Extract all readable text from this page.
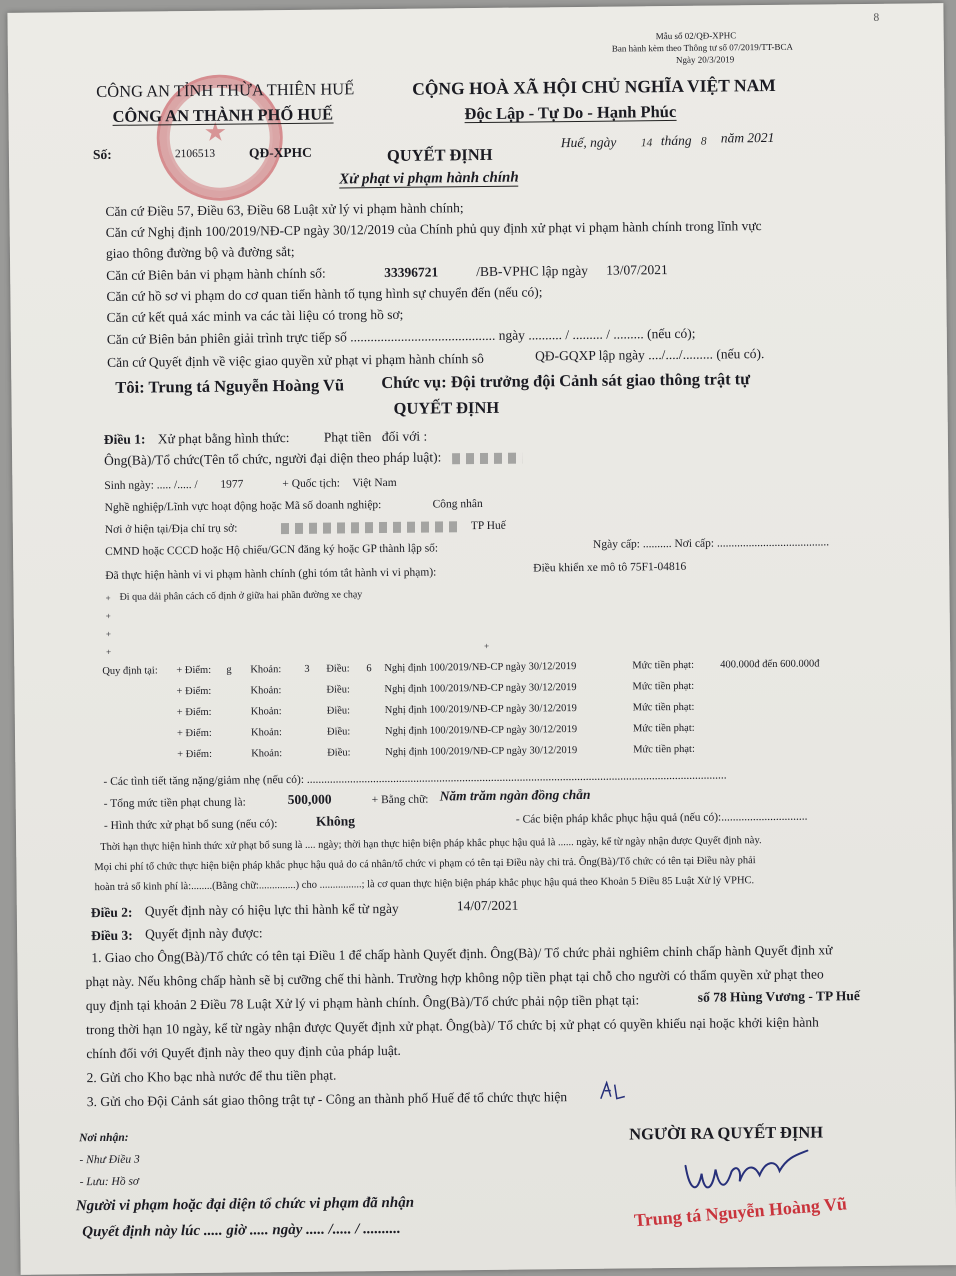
8
Mẫu số 02/QĐ-XPHC
Ban hành kèm theo Thông tư số 07/2019/TT-BCA
Ngày 20/3/2019
★
CÔNG AN TỈNH THỪA THIÊN HUẾ
CÔNG AN THÀNH PHỐ HUẾ
Số:	2106513 QĐ-XPHC
CỘNG HOÀ XÃ HỘI CHỦ NGHĨA VIỆT NAM
Độc Lập - Tự Do - Hạnh Phúc
Huế, ngày 14 tháng 8 năm 2021
QUYẾT ĐỊNH
Xử phạt vi phạm hành chính
Căn cứ Điều 57, Điều 63, Điều 68 Luật xử lý vi phạm hành chính;
Căn cứ Nghị định 100/2019/NĐ-CP ngày 30/12/2019 của Chính phủ quy định xử phạt vi phạm hành chính trong lĩnh vực
giao thông đường bộ và đường sắt;
Căn cứ Biên bản vi phạm hành chính số:	33396721	/BB-VPHC lập ngày 13/07/2021
Căn cứ hồ sơ vi phạm do cơ quan tiến hành tố tụng hình sự chuyển đến (nếu có);
Căn cứ kết quả xác minh va các tài liệu có trong hồ sơ;
Căn cứ Biên bản phiên giải trình trực tiếp số ........................................... ngày .......... / ......... / ......... (nếu có);
Căn cứ Quyết định về việc giao quyền xử phạt vi phạm hành chính sô	QĐ-GQXP lập ngày ..../..../......... (nếu có).
Tôi: Trung tá Nguyễn Hoàng Vũ Chức vụ: Đội trưởng đội Cảnh sát giao thông trật tự
QUYẾT ĐỊNH
Điều 1: Xử phạt bằng hình thức:	Phạt tiền đối với :
Ông(Bà)/Tổ chức(Tên tổ chức, người đại diện theo pháp luật):
Sinh ngày: ..... /..... / 1977	+ Quốc tịch: Việt Nam
Nghề nghiệp/Lĩnh vực hoạt động hoặc Mã số doanh nghiệp:	Công nhân
Nơi ở hiện tại/Địa chỉ trụ sở:	TP Huế
CMND hoặc CCCD hoặc Hộ chiếu/GCN đăng ký hoặc GP thành lập số:	Ngày cấp: .......... Nơi cấp: .......................................
Đã thực hiện hành vi vi phạm hành chính (ghi tóm tắt hành vi vi phạm):	Điều khiển xe mô tô 75F1-04816
+ Đi qua dải phân cách cố định ở giữa hai phần đường xe chạy
+
+
+
+
Quy định tại: + Điểm: g Khoản: 3 Điều: 6 Nghị định 100/2019/NĐ-CP ngày 30/12/2019	Mức tiền phạt: 400.000đ đến 600.000đ
+ Điểm:	Khoản:	Điều:	Nghị định 100/2019/NĐ-CP ngày 30/12/2019	Mức tiền phạt:
+ Điểm:	Khoản:	Điều:	Nghị định 100/2019/NĐ-CP ngày 30/12/2019	Mức tiền phạt:
+ Điểm:	Khoản:	Điều:	Nghị định 100/2019/NĐ-CP ngày 30/12/2019	Mức tiền phạt:
+ Điểm:	Khoản:	Điều:	Nghị định 100/2019/NĐ-CP ngày 30/12/2019	Mức tiền phạt:
- Các tình tiết tăng nặng/giảm nhẹ (nếu có): ..................................................................................................................................................
- Tổng mức tiền phạt chung là:	500,000	+ Bằng chữ: Năm trăm ngàn đồng chẵn
- Hình thức xử phạt bổ sung (nếu có):	Không	- Các biện pháp khắc phục hậu quả (nếu có):..............................
Thời hạn thực hiện hình thức xử phạt bổ sung là .... ngày; thời hạn thực hiện biện pháp khắc phục hậu quả là ...... ngày, kể từ ngày nhận được Quyết định này.
Mọi chi phí tổ chức thực hiện biện pháp khắc phục hậu quả do cá nhân/tổ chức vi phạm có tên tại Điều này chi trả. Ông(Bà)/Tổ chức có tên tại Điều này phải
hoàn trả số kinh phí là:........(Bằng chữ:..............) cho ................; là cơ quan thực hiện biện pháp khắc phục hậu quả theo Khoản 5 Điều 85 Luật Xử lý VPHC.
Điều 2: Quyết định này có hiệu lực thi hành kể từ ngày	14/07/2021
Điều 3: Quyết định này được:
1. Giao cho Ông(Bà)/Tổ chức có tên tại Điều 1 để chấp hành Quyết định. Ông(Bà)/ Tổ chức phải nghiêm chỉnh chấp hành Quyết định xử
phạt này. Nếu không chấp hành sẽ bị cưỡng chế thi hành. Trường hợp không nộp tiền phạt tại chỗ cho người có thẩm quyền xử phạt theo
quy định tại khoản 2 Điều 78 Luật Xử lý vi phạm hành chính. Ông(Bà)/Tổ chức phải nộp tiền phạt tại:	số 78 Hùng Vương - TP Huế
trong thời hạn 10 ngày, kể từ ngày nhận được Quyết định xử phạt. Ông(bà)/ Tổ chức bị xử phạt có quyền khiếu nại hoặc khởi kiện hành
chính đối với Quyết định này theo quy định của pháp luật.
2. Gửi cho Kho bạc nhà nước để thu tiền phạt.
3. Gửi cho Đội Cảnh sát giao thông trật tự - Công an thành phố Huế để tổ chức thực hiện
Nơi nhận:
- Như Điều 3
- Lưu: Hồ sơ
Người vi phạm hoặc đại diện tổ chức vi phạm đã nhận
Quyết định này lúc ..... giờ ..... ngày ..... /..... / ..........
NGƯỜI RA QUYẾT ĐỊNH
Trung tá Nguyễn Hoàng Vũ
